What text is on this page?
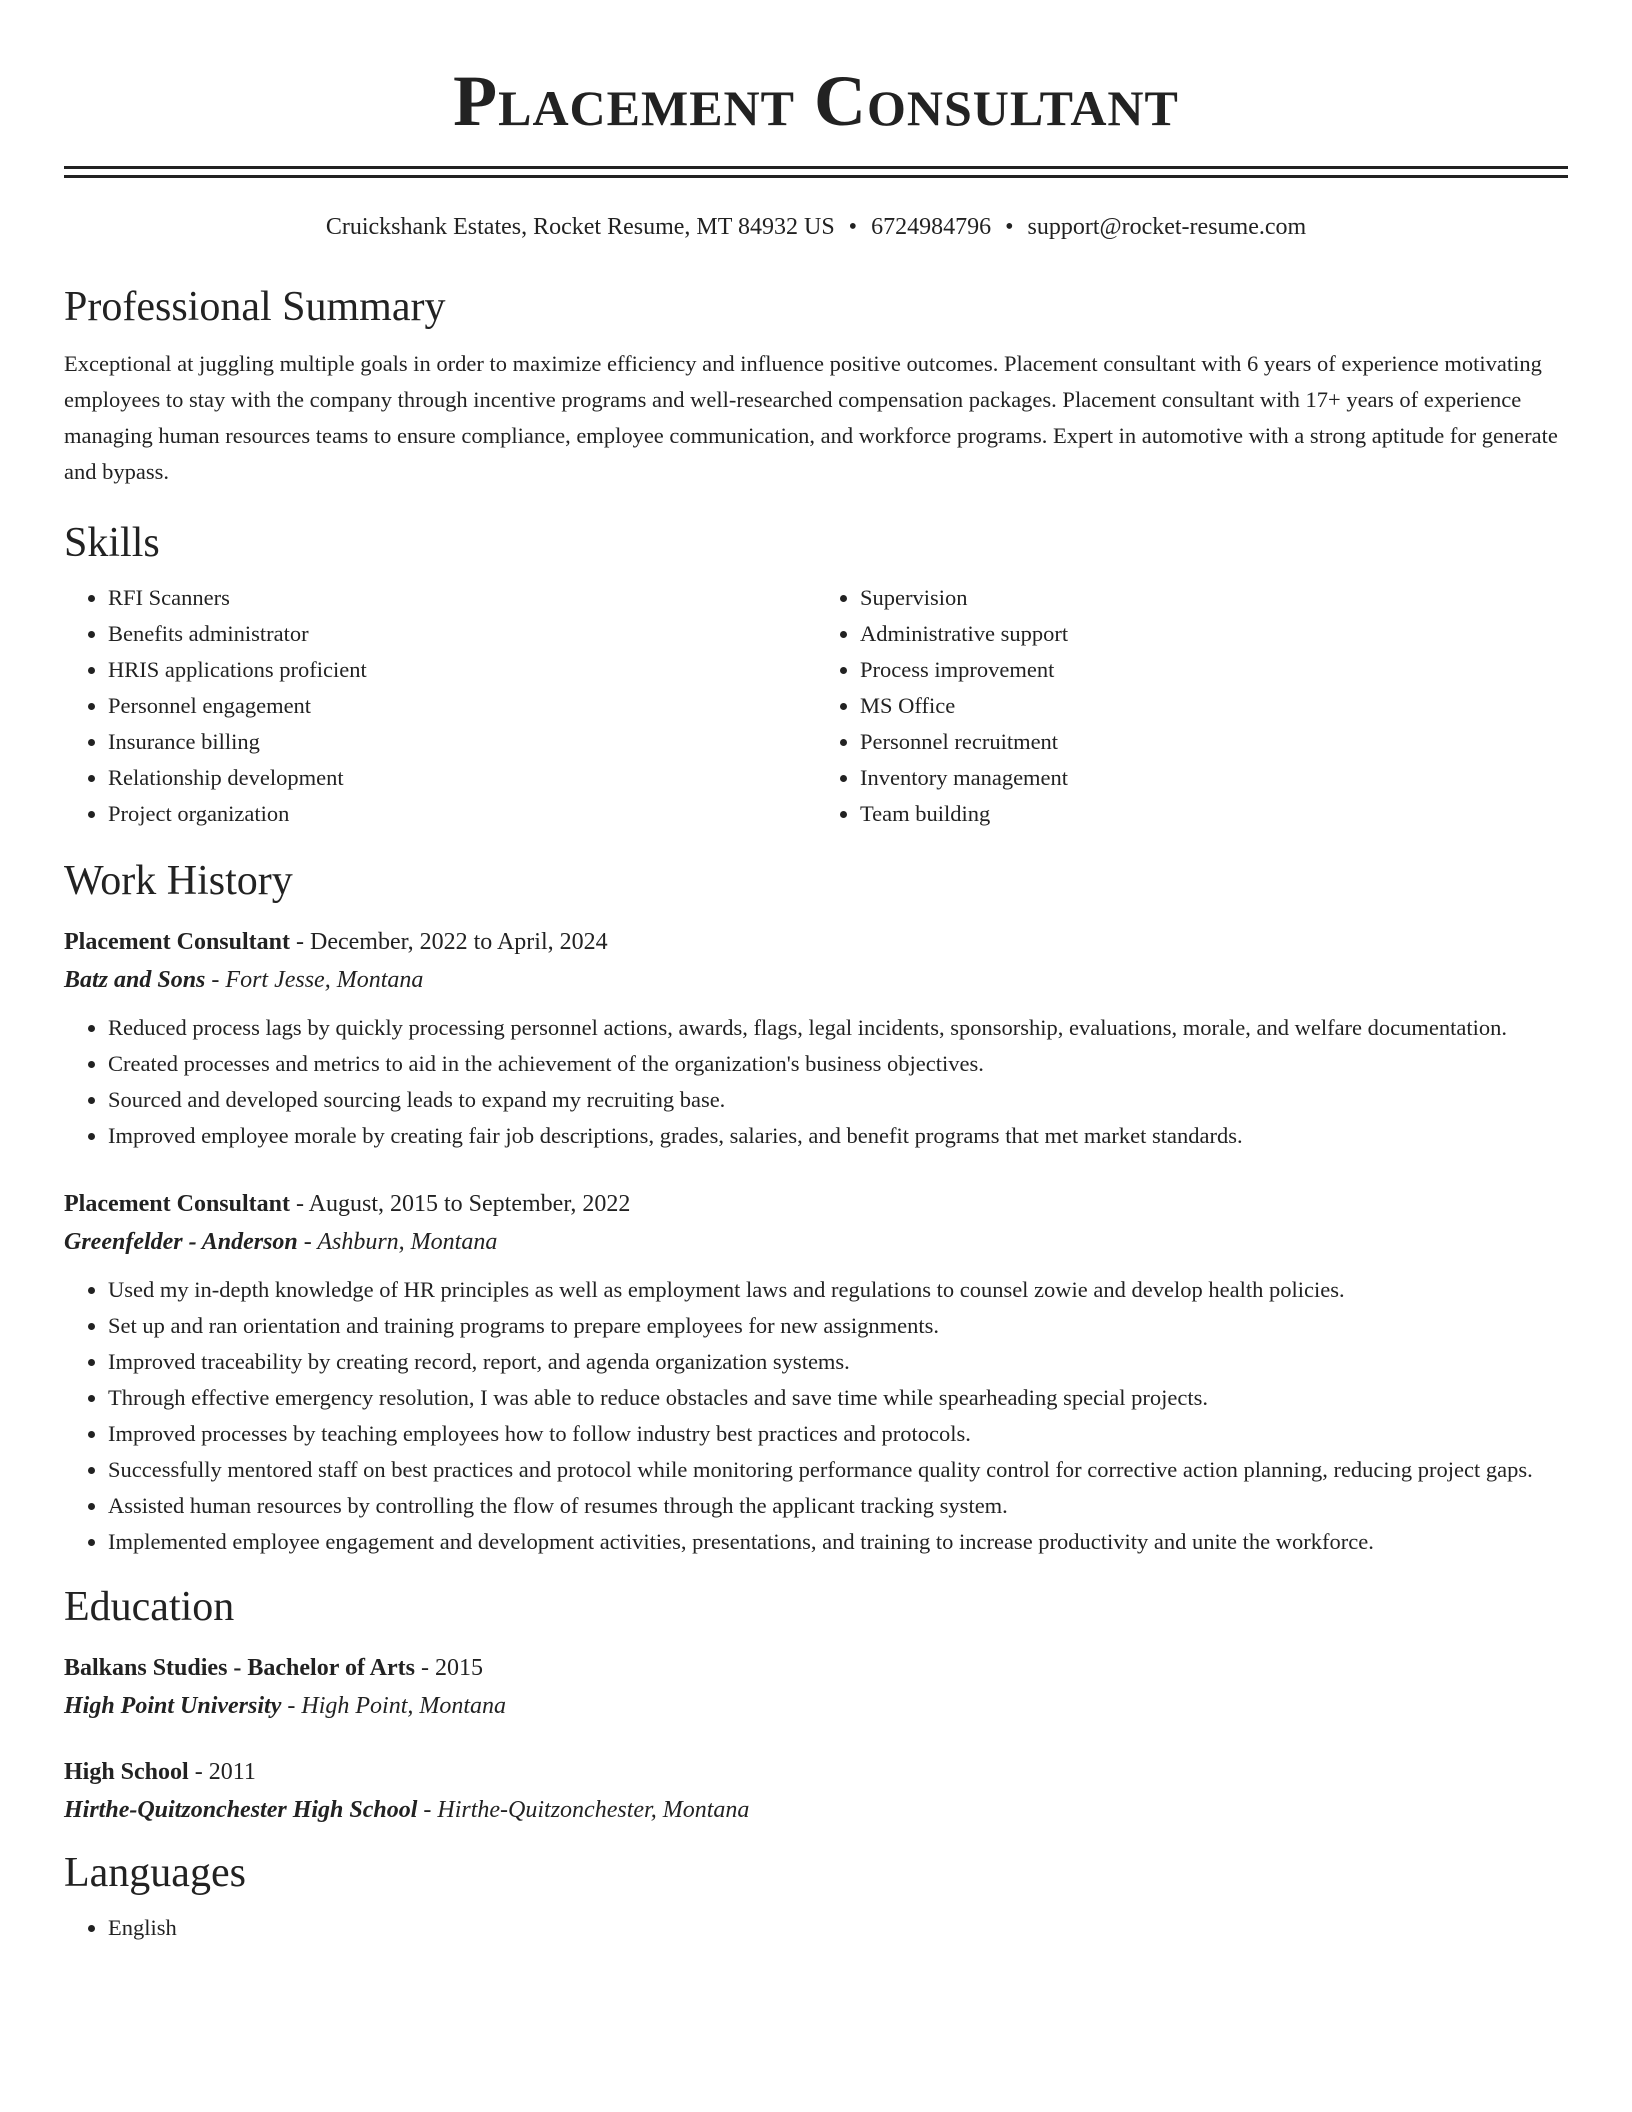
Placement Consultant
Cruickshank Estates, Rocket Resume, MT 84932 US • 6724984796 • support@rocket-resume.com
Professional Summary

Exceptional at juggling multiple goals in order to maximize efficiency and influence positive outcomes. Placement consultant with 6 years of experience motivating employees to stay with the company through incentive programs and well-researched compensation packages. Placement consultant with 17+ years of experience managing human resources teams to ensure compliance, employee communication, and workforce programs. Expert in automotive with a strong aptitude for generate and bypass.

Skills
• RFI Scanners
• Benefits administrator
• HRIS applications proficient
• Personnel engagement
• Insurance billing
• Relationship development
• Project organization
• Supervision
• Administrative support
• Process improvement
• MS Office
• Personnel recruitment
• Inventory management
• Team building
Work History
Placement Consultant - December, 2022 to April, 2024
Batz and Sons - Fort Jesse, Montana
• Reduced process lags by quickly processing personnel actions, awards, flags, legal incidents, sponsorship, evaluations, morale, and welfare documentation.
• Created processes and metrics to aid in the achievement of the organization's business objectives.
• Sourced and developed sourcing leads to expand my recruiting base.
• Improved employee morale by creating fair job descriptions, grades, salaries, and benefit programs that met market standards.
Placement Consultant - August, 2015 to September, 2022
Greenfelder - Anderson - Ashburn, Montana
• Used my in-depth knowledge of HR principles as well as employment laws and regulations to counsel zowie and develop health policies.
• Set up and ran orientation and training programs to prepare employees for new assignments.
• Improved traceability by creating record, report, and agenda organization systems.
• Through effective emergency resolution, I was able to reduce obstacles and save time while spearheading special projects.
• Improved processes by teaching employees how to follow industry best practices and protocols.
• Successfully mentored staff on best practices and protocol while monitoring performance quality control for corrective action planning, reducing project gaps.
• Assisted human resources by controlling the flow of resumes through the applicant tracking system.
• Implemented employee engagement and development activities, presentations, and training to increase productivity and unite the workforce.
Education
Balkans Studies - Bachelor of Arts - 2015
High Point University - High Point, Montana
High School - 2011
Hirthe-Quitzonchester High School - Hirthe-Quitzonchester, Montana
Languages
• English
